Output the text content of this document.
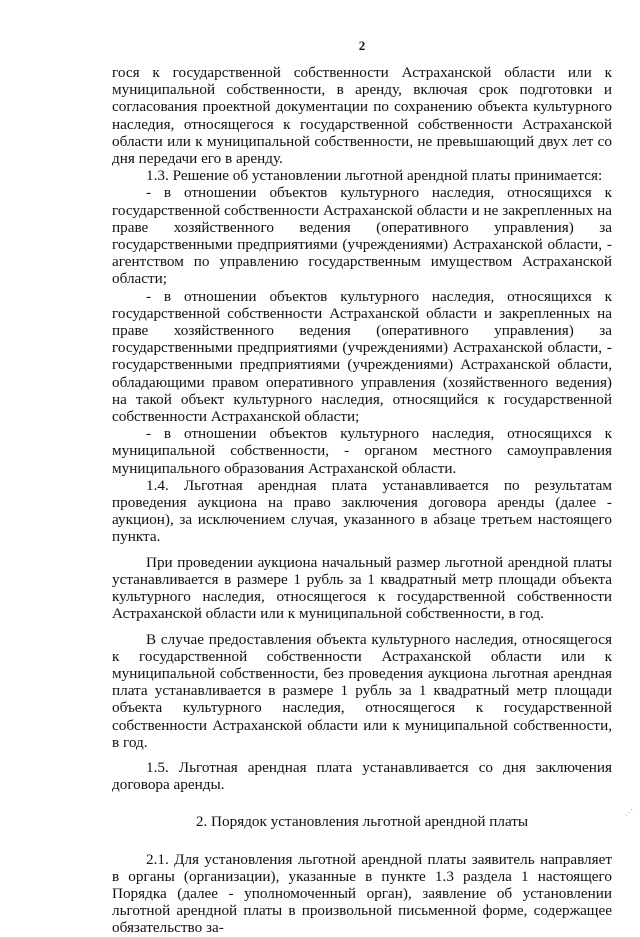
2

гося к государственной собственности Астраханской области или к муниципальной собственности, в аренду, включая срок подготовки и согласования проектной документации по сохранению объекта культурного наследия, относящегося к государственной собственности Астраханской области или к муниципальной собственности, не превышающий двух лет со дня передачи его в аренду.

1.3. Решение об установлении льготной арендной платы принимается:

- в отношении объектов культурного наследия, относящихся к государственной собственности Астраханской области и не закрепленных на праве хозяйственного ведения (оперативного управления) за государственными предприятиями (учреждениями) Астраханской области, - агентством по управлению государственным имуществом Астраханской области;

- в отношении объектов культурного наследия, относящихся к государственной собственности Астраханской области и закрепленных на праве хозяйственного ведения (оперативного управления) за государственными предприятиями (учреждениями) Астраханской области, - государственными предприятиями (учреждениями) Астраханской области, обладающими правом оперативного управления (хозяйственного ведения) на такой объект культурного наследия, относящийся к государственной собственности Астраханской области;

- в отношении объектов культурного наследия, относящихся к муниципальной собственности, - органом местного самоуправления муниципального образования Астраханской области.

1.4. Льготная арендная плата устанавливается по результатам проведения аукциона на право заключения договора аренды (далее - аукцион), за исключением случая, указанного в абзаце третьем настоящего пункта.

При проведении аукциона начальный размер льготной арендной платы устанавливается в размере 1 рубль за 1 квадратный метр площади объекта культурного наследия, относящегося к государственной собственности Астраханской области или к муниципальной собственности, в год.

В случае предоставления объекта культурного наследия, относящегося к государственной собственности Астраханской области или к муниципальной собственности, без проведения аукциона льготная арендная плата устанавливается в размере 1 рубль за 1 квадратный метр площади объекта культурного наследия, относящегося к государственной собственности Астраханской области или к муниципальной собственности, в год.

1.5. Льготная арендная плата устанавливается со дня заключения договора аренды.

2. Порядок установления льготной арендной платы

2.1. Для установления льготной арендной платы заявитель направляет в органы (организации), указанные в пункте 1.3 раздела 1 настоящего Порядка (далее - уполномоченный орган), заявление об установлении льготной арендной платы в произвольной письменной форме, содержащее обязательство за-

⋰
